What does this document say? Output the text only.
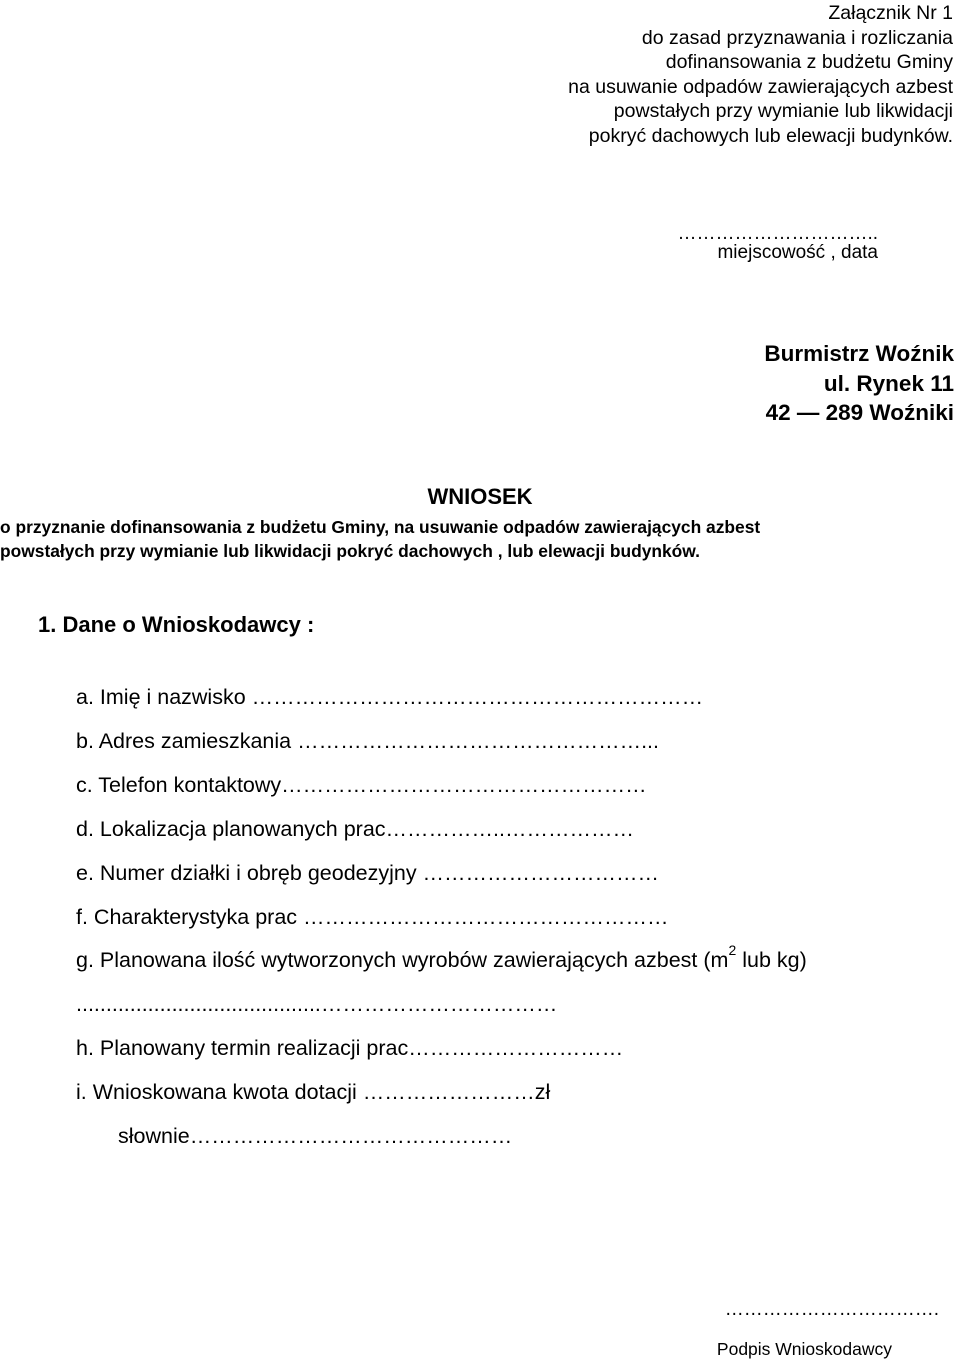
Załącznik Nr 1
do zasad przyznawania i rozliczania
dofinansowania z budżetu Gminy
na usuwanie odpadów zawierających azbest
powstałych przy wymianie lub likwidacji
pokryć dachowych lub elewacji budynków.
…………………………..
miejscowość , data
Burmistrz Woźnik
ul. Rynek 11
42 — 289 Woźniki
WNIOSEK
o przyznanie dofinansowania z budżetu Gminy, na usuwanie odpadów zawierających azbest
powstałych przy wymianie lub likwidacji pokryć dachowych , lub elewacji budynków.
1. Dane o Wnioskodawcy :
a. Imię i nazwisko ………………………………………………………
b. Adres zamieszkania …………………………………………...
c. Telefon kontaktowy……………………………………………
d. Lokalizacja planowanych prac……………..………………
e. Numer działki i obręb geodezyjny ……………………………
f. Charakterystyka prac ……………………………………………
g. Planowana ilość wytworzonych wyrobów zawierających azbest ($m^2$ lub kg)
.........................................……………………………
h. Planowany termin realizacji prac…………………………
i. Wnioskowana kwota dotacji ……………………zł
słownie………………………………………
…………………………….
Podpis Wnioskodawcy
